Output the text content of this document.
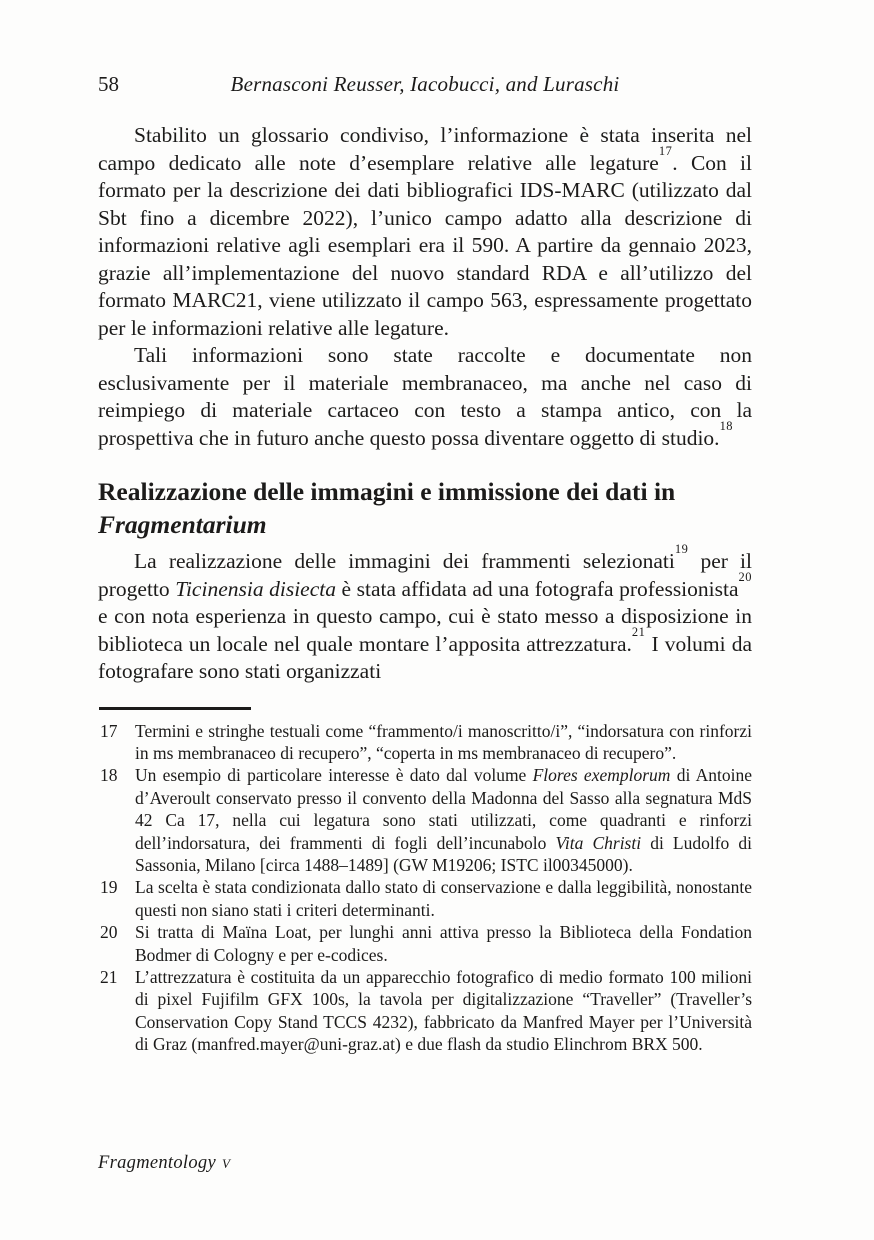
58	Bernasconi Reusser, Iacobucci, and Luraschi

Stabilito un glossario condiviso, l’informazione è stata inserita nel campo dedicato alle note d’esemplare relative alle legature$^{17}$. Con il formato per la descrizione dei dati bibliografici IDS-MARC (utilizzato dal Sbt fino a dicembre 2022), l’unico campo adatto alla descrizione di informazioni relative agli esemplari era il 590. A partire da gennaio 2023, grazie all’implementazione del nuovo standard RDA e all’utilizzo del formato MARC21, viene utilizzato il campo 563, espressamente progettato per le informazioni relative alle legature.

Tali informazioni sono state raccolte e documentate non esclusivamente per il materiale membranaceo, ma anche nel caso di reimpiego di materiale cartaceo con testo a stampa antico, con la prospettiva che in futuro anche questo possa diventare oggetto di studio.$^{18}$

Realizzazione delle immagini e immissione dei dati in Fragmentarium

La realizzazione delle immagini dei frammenti selezionati$^{19}$ per il progetto Ticinensia disiecta è stata affidata ad una fotografa professionista$^{20}$ e con nota esperienza in questo campo, cui è stato messo a disposizione in biblioteca un locale nel quale montare l’apposita attrezzatura.$^{21}$ I volumi da fotografare sono stati organizzati

17 Termini e stringhe testuali come “frammento/i manoscritto/i”, “indorsatura con rinforzi in ms membranaceo di recupero”, “coperta in ms membranaceo di recupero”.
18 Un esempio di particolare interesse è dato dal volume Flores exemplorum di Antoine d’Averoult conservato presso il convento della Madonna del Sasso alla segnatura MdS 42 Ca 17, nella cui legatura sono stati utilizzati, come quadranti e rinforzi dell’indorsatura, dei frammenti di fogli dell’incunabolo Vita Christi di Ludolfo di Sassonia, Milano [circa 1488–1489] (GW M19206; ISTC il00345000).
19 La scelta è stata condizionata dallo stato di conservazione e dalla leggibilità, nonostante questi non siano stati i criteri determinanti.
20 Si tratta di Maïna Loat, per lunghi anni attiva presso la Biblioteca della Fondation Bodmer di Cologny e per e-codices.
21 L’attrezzatura è costituita da un apparecchio fotografico di medio formato 100 milioni di pixel Fujifilm GFX 100s, la tavola per digitalizzazione “Traveller” (Traveller’s Conservation Copy Stand TCCS 4232), fabbricato da Manfred Mayer per l’Università di Graz (manfred.mayer@uni-graz.at) e due flash da studio Elinchrom BRX 500.
Fragmentology v
